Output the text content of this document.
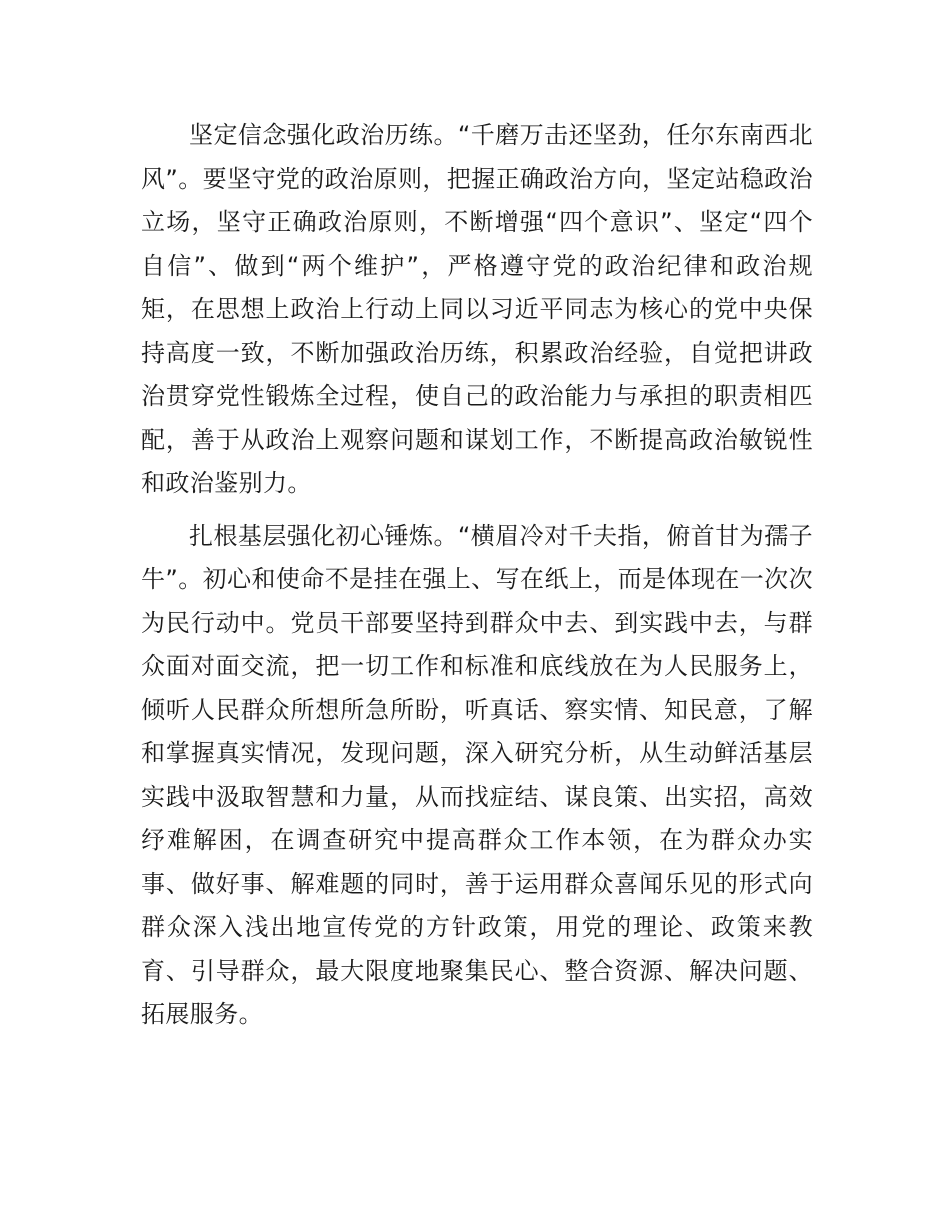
坚定信念强化政治历练。“千磨万击还坚劲，任尔东南西北风”。要坚守党的政治原则，把握正确政治方向，坚定站稳政治立场，坚守正确政治原则，不断增强“四个意识”、坚定“四个自信”、做到“两个维护”，严格遵守党的政治纪律和政治规矩，在思想上政治上行动上同以习近平同志为核心的党中央保持高度一致，不断加强政治历练，积累政治经验，自觉把讲政治贯穿党性锻炼全过程，使自己的政治能力与承担的职责相匹配，善于从政治上观察问题和谋划工作，不断提高政治敏锐性和政治鉴别力。

扎根基层强化初心锤炼。“横眉冷对千夫指，俯首甘为孺子牛”。初心和使命不是挂在强上、写在纸上，而是体现在一次次为民行动中。党员干部要坚持到群众中去、到实践中去，与群众面对面交流，把一切工作和标准和底线放在为人民服务上，倾听人民群众所想所急所盼，听真话、察实情、知民意，了解和掌握真实情况，发现问题，深入研究分析，从生动鲜活基层实践中汲取智慧和力量，从而找症结、谋良策、出实招，高效纾难解困，在调查研究中提高群众工作本领，在为群众办实事、做好事、解难题的同时，善于运用群众喜闻乐见的形式向群众深入浅出地宣传党的方针政策，用党的理论、政策来教育、引导群众，最大限度地聚集民心、整合资源、解决问题、拓展服务。
